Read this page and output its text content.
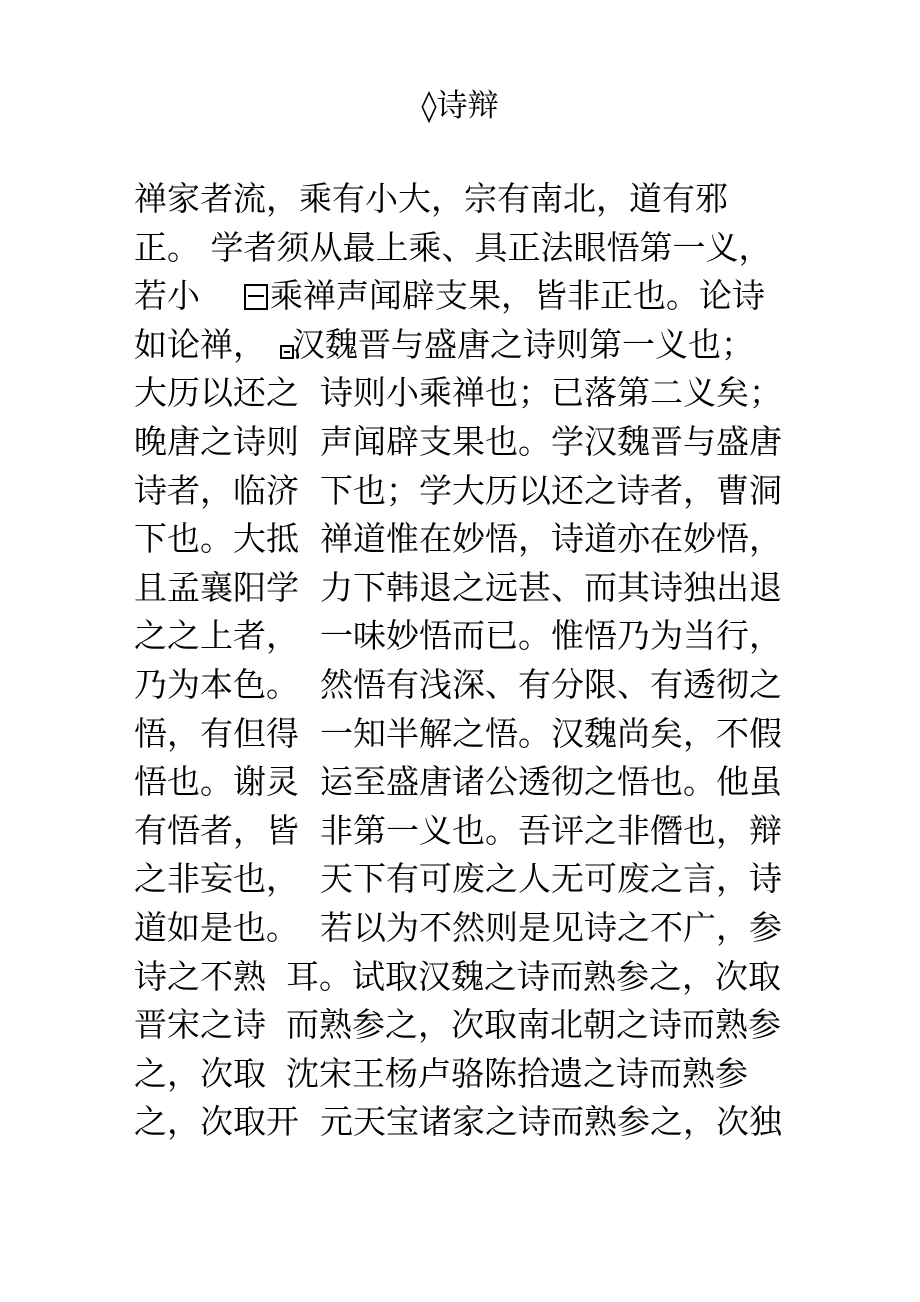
◊诗辩
禅家者流，乘有小大，宗有南北，道有邪
正。 学者须从最上乘、具正法眼悟第一义，
若小 乘禅声闻辟支果，皆非正也。论诗
如论禅， 汉魏晋与盛唐之诗则第一义也；
大历以还之 诗则小乘禅也；已落第二义矣；
晚唐之诗则 声闻辟支果也。学汉魏晋与盛唐
诗者，临济 下也；学大历以还之诗者，曹洞
下也。大抵 禅道惟在妙悟，诗道亦在妙悟，
且孟襄阳学 力下韩退之远甚、而其诗独出退
之之上者， 一味妙悟而已。惟悟乃为当行，
乃为本色。 然悟有浅深、有分限、有透彻之
悟，有但得 一知半解之悟。汉魏尚矣，不假
悟也。谢灵 运至盛唐诸公透彻之悟也。他虽
有悟者，皆 非第一义也。吾评之非僭也，辩
之非妄也， 天下有可废之人无可废之言，诗
道如是也。 若以为不然则是见诗之不广，参
诗之不熟 耳。试取汉魏之诗而熟参之，次取
晋宋之诗 而熟参之，次取南北朝之诗而熟参
之，次取 沈宋王杨卢骆陈拾遗之诗而熟参
之，次取开 元天宝诸家之诗而熟参之，次独
